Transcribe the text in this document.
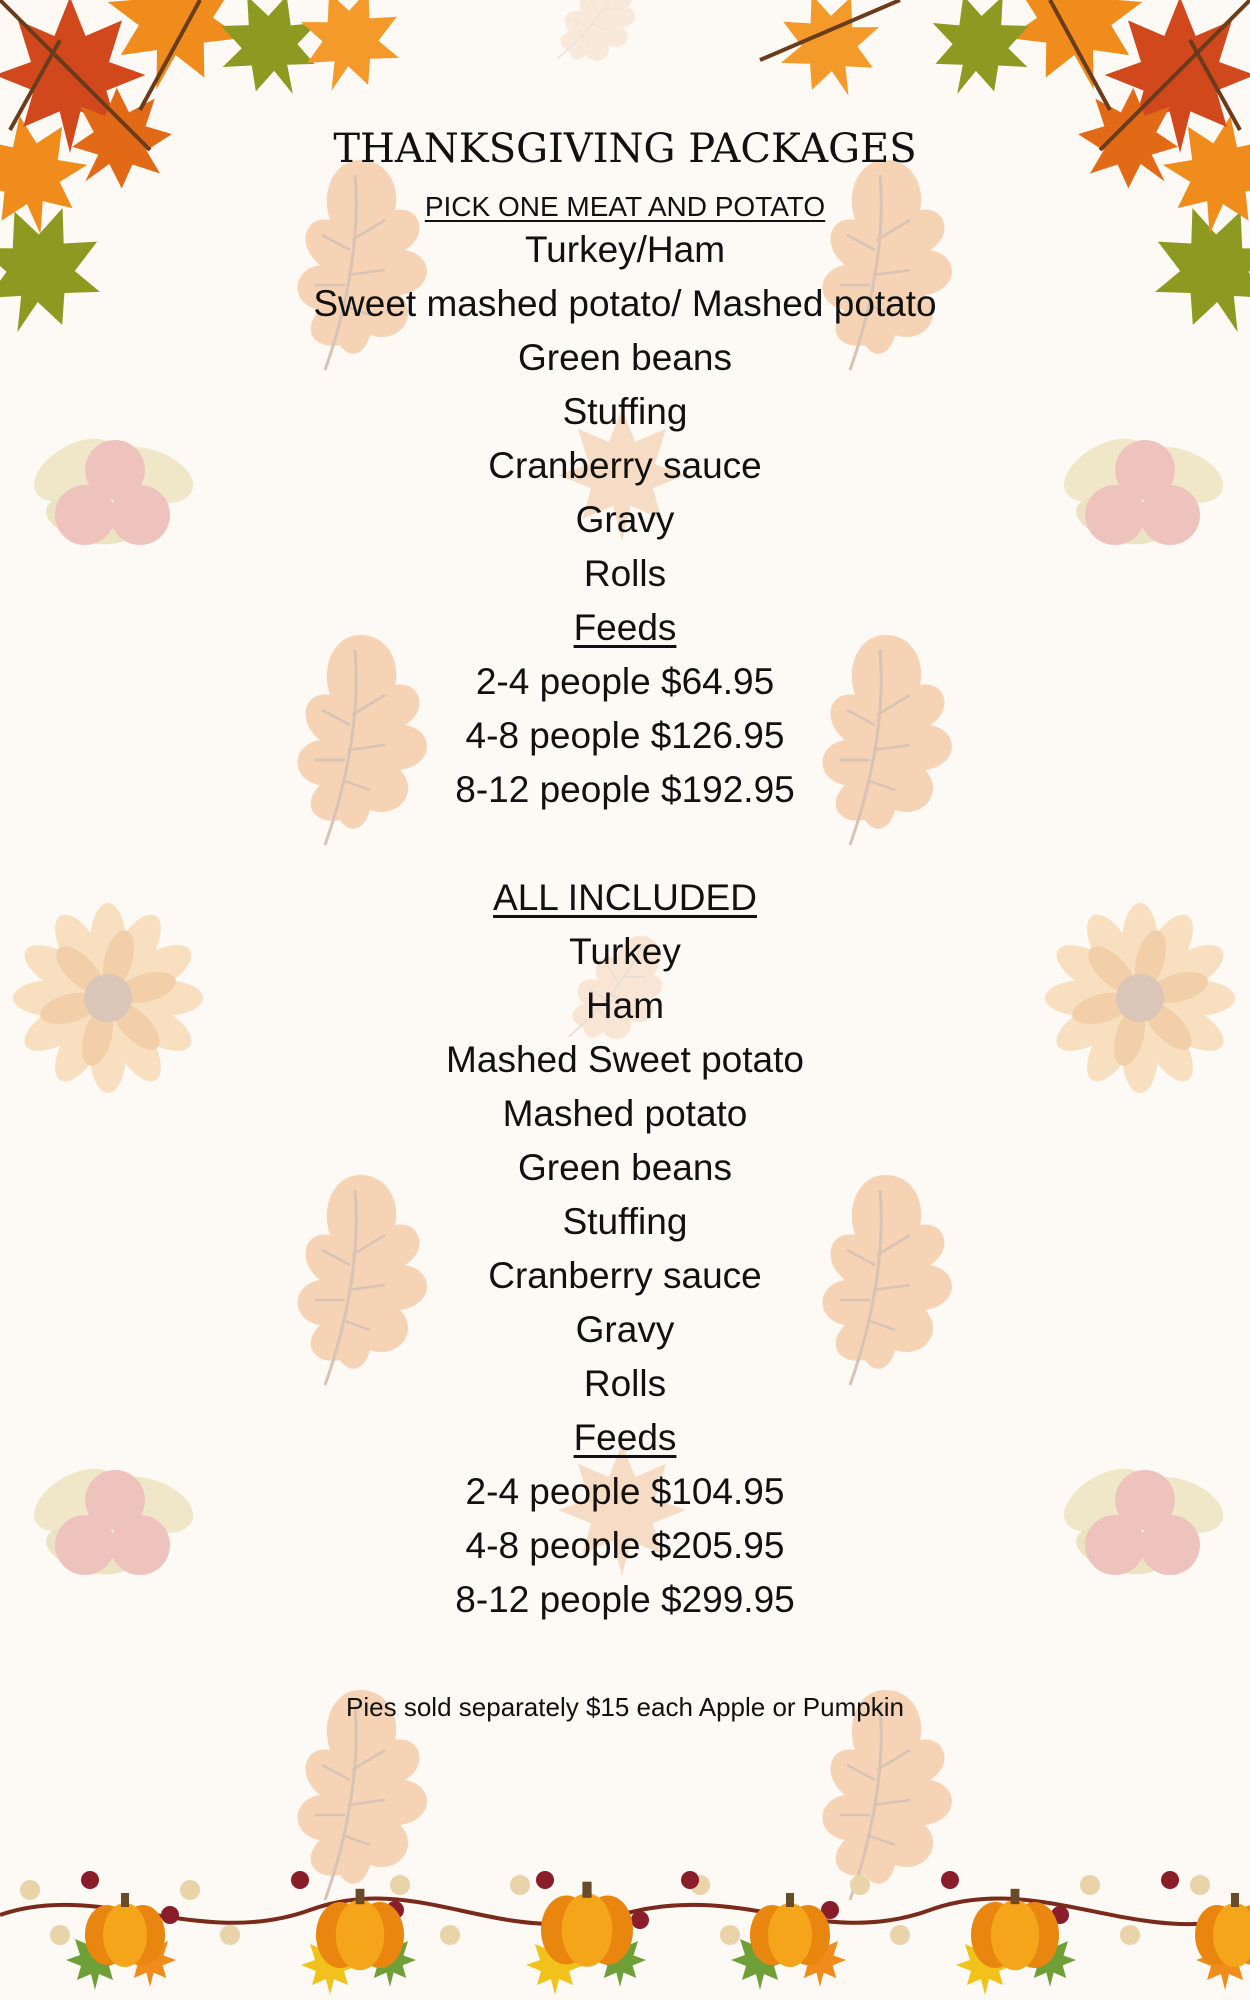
THANKSGIVING PACKAGES
PICK ONE MEAT AND POTATO
Turkey/Ham
Sweet mashed potato/ Mashed potato
Green beans
Stuffing
Cranberry sauce
Gravy
Rolls
Feeds
2-4 people $64.95
4-8 people $126.95
8-12 people $192.95
ALL INCLUDED
Turkey
Ham
Mashed Sweet potato
Mashed potato
Green beans
Stuffing
Cranberry sauce
Gravy
Rolls
Feeds
2-4 people $104.95
4-8 people $205.95
8-12 people $299.95
Pies sold separately $15 each Apple or Pumpkin
